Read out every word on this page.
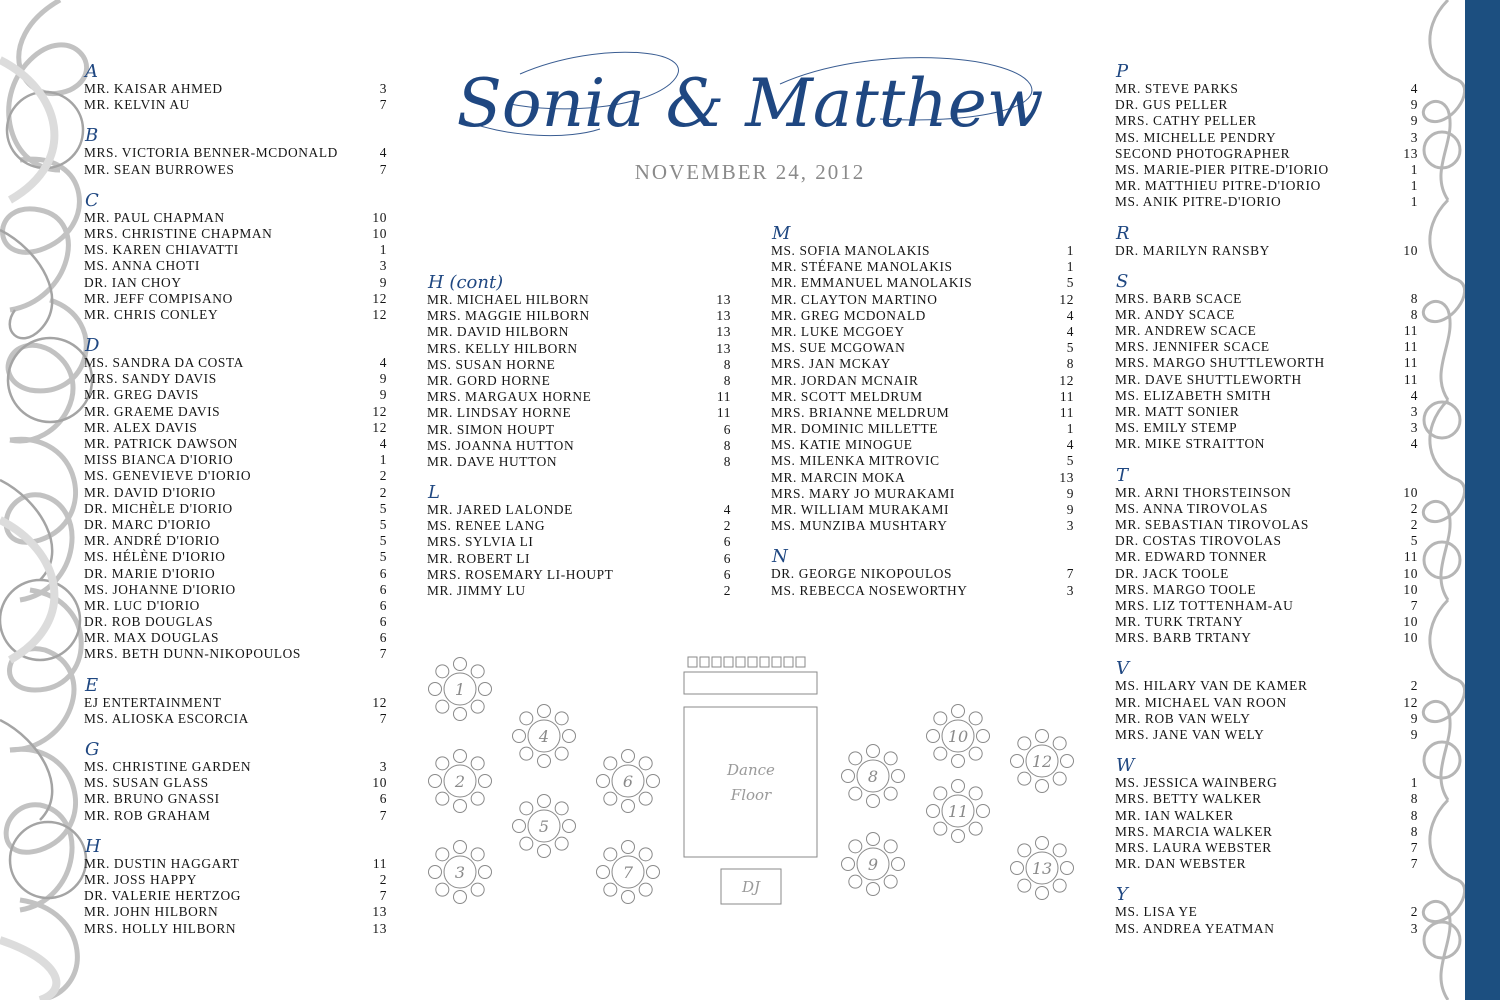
Sonia & Matthew
NOVEMBER 24, 2012
A
MR. KAISAR AHMED	3
MR. KELVIN AU	7
B
MRS. VICTORIA BENNER-MCDONALD	4
MR. SEAN BURROWES	7
C
MR. PAUL CHAPMAN	10
MRS. CHRISTINE CHAPMAN	10
MS. KAREN CHIAVATTI	1
MS. ANNA CHOTI	3
DR. IAN CHOY	9
MR. JEFF COMPISANO	12
MR. CHRIS CONLEY	12
D
MS. SANDRA DA COSTA	4
MRS. SANDY DAVIS	9
MR. GREG DAVIS	9
MR. GRAEME DAVIS	12
MR. ALEX DAVIS	12
MR. PATRICK DAWSON	4
MISS BIANCA D'IORIO	1
MS. GENEVIEVE D'IORIO	2
MR. DAVID D'IORIO	2
DR. MICHÈLE D'IORIO	5
DR. MARC D'IORIO	5
MR. ANDRÉ D'IORIO	5
MS. HÉLÈNE D'IORIO	5
DR. MARIE D'IORIO	6
MS. JOHANNE D'IORIO	6
MR. LUC D'IORIO	6
DR. ROB DOUGLAS	6
MR. MAX DOUGLAS	6
MRS. BETH DUNN-NIKOPOULOS	7
E
EJ ENTERTAINMENT	12
MS. ALIOSKA ESCORCIA	7
G
MS. CHRISTINE GARDEN	3
MS. SUSAN GLASS	10
MR. BRUNO GNASSI	6
MR. ROB GRAHAM	7
H
MR. DUSTIN HAGGART	11
MR. JOSS HAPPY	2
DR. VALERIE HERTZOG	7
MR. JOHN HILBORN	13
MRS. HOLLY HILBORN	13
H (cont)
MR. MICHAEL HILBORN	13
MRS. MAGGIE HILBORN	13
MR. DAVID HILBORN	13
MRS. KELLY HILBORN	13
MS. SUSAN HORNE	8
MR. GORD HORNE	8
MRS. MARGAUX HORNE	11
MR. LINDSAY HORNE	11
MR. SIMON HOUPT	6
MS. JOANNA HUTTON	8
MR. DAVE HUTTON	8
L
MR. JARED LALONDE	4
MS. RENEE LANG	2
MRS. SYLVIA LI	6
MR. ROBERT LI	6
MRS. ROSEMARY LI-HOUPT	6
MR. JIMMY LU	2
M
MS. SOFIA MANOLAKIS	1
MR. STÉFANE MANOLAKIS	1
MR. EMMANUEL MANOLAKIS	5
MR. CLAYTON MARTINO	12
MR. GREG MCDONALD	4
MR. LUKE MCGOEY	4
MS. SUE MCGOWAN	5
MRS. JAN MCKAY	8
MR. JORDAN MCNAIR	12
MR. SCOTT MELDRUM	11
MRS. BRIANNE MELDRUM	11
MR. DOMINIC MILLETTE	1
MS. KATIE MINOGUE	4
MS. MILENKA MITROVIC	5
MR. MARCIN MOKA	13
MRS. MARY JO MURAKAMI	9
MR. WILLIAM MURAKAMI	9
MS. MUNZIBA MUSHTARY	3
N
DR. GEORGE NIKOPOULOS	7
MS. REBECCA NOSEWORTHY	3
P
MR. STEVE PARKS	4
DR. GUS PELLER	9
MRS. CATHY PELLER	9
MS. MICHELLE PENDRY	3
SECOND PHOTOGRAPHER	13
MS. MARIE-PIER PITRE-D'IORIO	1
MR. MATTHIEU PITRE-D'IORIO	1
MS. ANIK PITRE-D'IORIO	1
R
DR. MARILYN RANSBY	10
S
MRS. BARB SCACE	8
MR. ANDY SCACE	8
MR. ANDREW SCACE	11
MRS. JENNIFER SCACE	11
MRS. MARGO SHUTTLEWORTH	11
MR. DAVE SHUTTLEWORTH	11
MS. ELIZABETH SMITH	4
MR. MATT SONIER	3
MS. EMILY STEMP	3
MR. MIKE STRAITTON	4
T
MR. ARNI THORSTEINSON	10
MS. ANNA TIROVOLAS	2
MR. SEBASTIAN TIROVOLAS	2
DR. COSTAS TIROVOLAS	5
MR. EDWARD TONNER	11
DR. JACK TOOLE	10
MRS. MARGO TOOLE	10
MRS. LIZ TOTTENHAM-AU	7
MR. TURK TRTANY	10
MRS. BARB TRTANY	10
V
MS. HILARY VAN DE KAMER	2
MR. MICHAEL VAN ROON	12
MR. ROB VAN WELY	9
MRS. JANE VAN WELY	9
W
MS. JESSICA WAINBERG	1
MRS. BETTY WALKER	8
MR. IAN WALKER	8
MRS. MARCIA WALKER	8
MRS. LAURA WEBSTER	7
MR. DAN WEBSTER	7
Y
MS. LISA YE	2
MS. ANDREA YEATMAN	3
Dance
Floor
DJ
1
2
3
4
5
6
7
8
9
10
11
12
13
